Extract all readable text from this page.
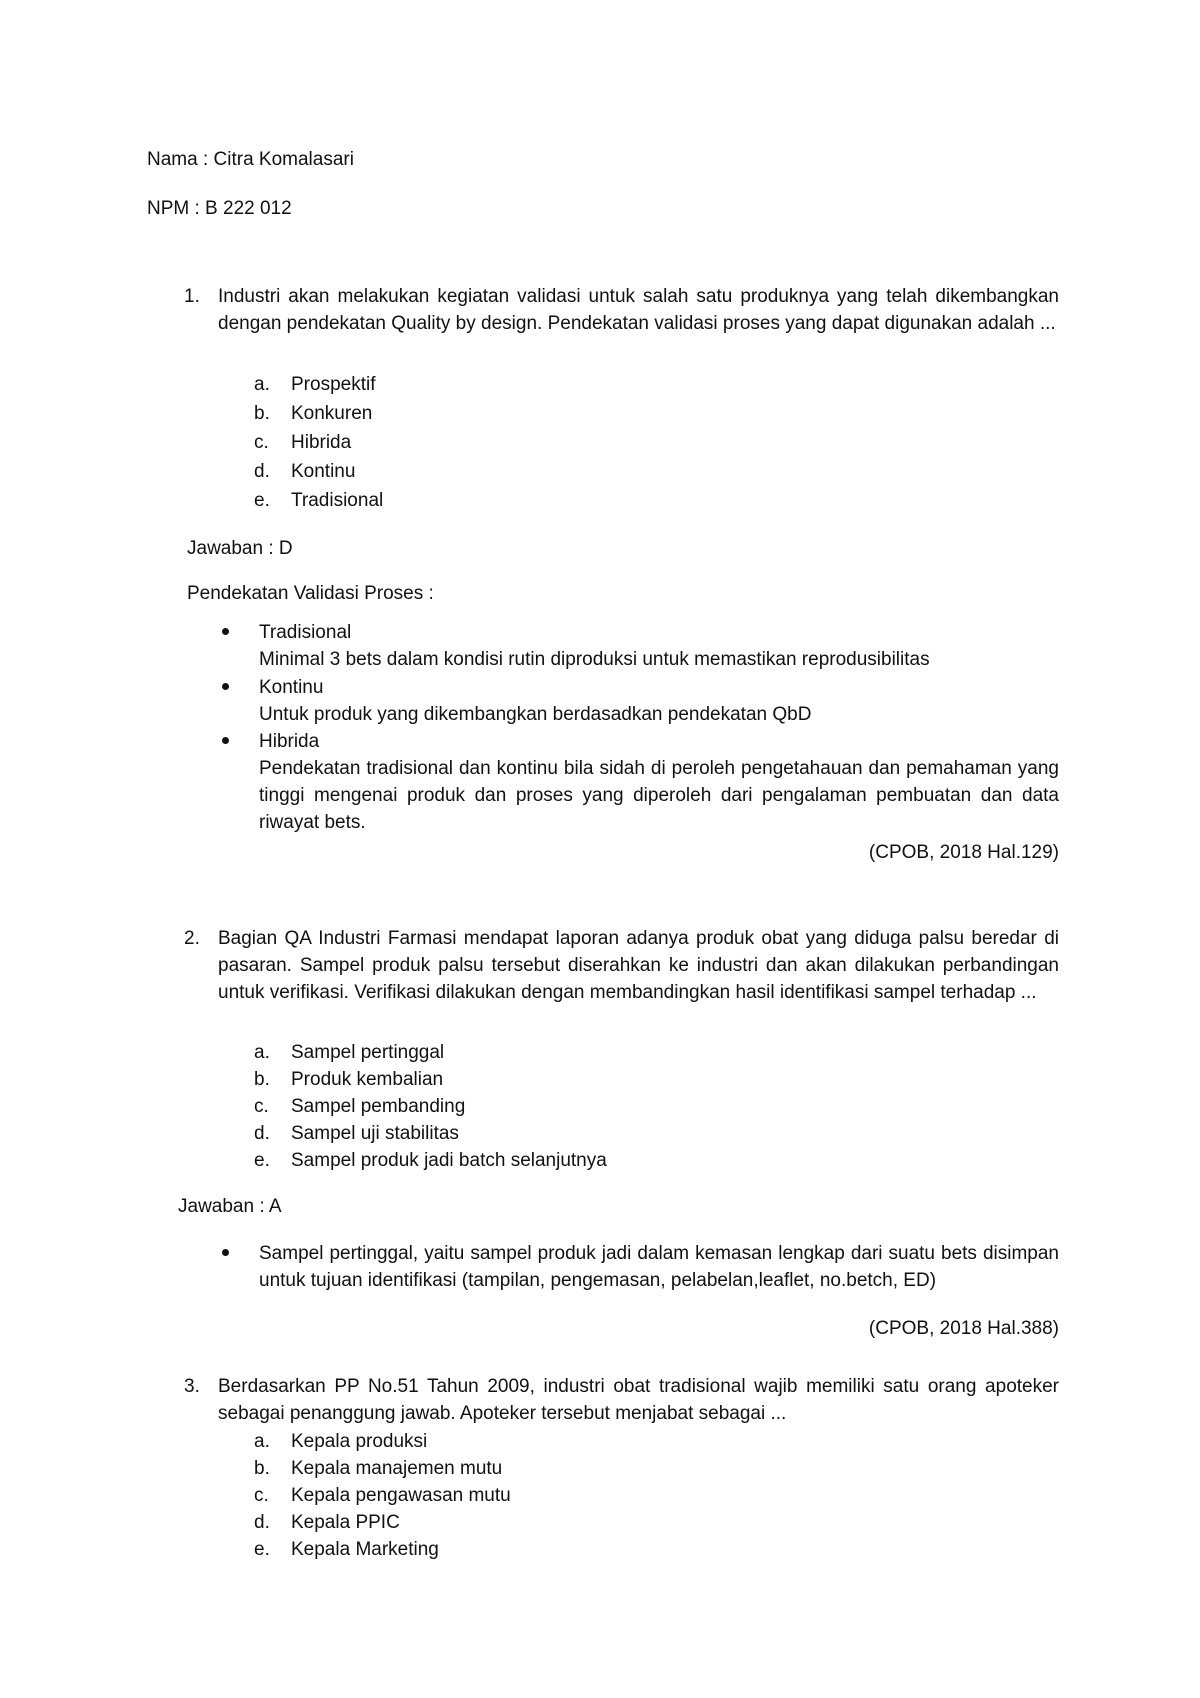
Nama : Citra Komalasari
NPM : B 222 012
1. Industri akan melakukan kegiatan validasi untuk salah satu produknya yang telah dikembangkan dengan pendekatan Quality by design. Pendekatan validasi proses yang dapat digunakan adalah ...
a. Prospektif
b. Konkuren
c. Hibrida
d. Kontinu
e. Tradisional
Jawaban : D
Pendekatan Validasi Proses :
Tradisional
Minimal 3 bets dalam kondisi rutin diproduksi untuk memastikan reprodusibilitas
Kontinu
Untuk produk yang dikembangkan berdasadkan pendekatan QbD
Hibrida
Pendekatan tradisional dan kontinu bila sidah di peroleh pengetahauan dan pemahaman yang tinggi mengenai produk dan proses yang diperoleh dari pengalaman pembuatan dan data riwayat bets.
(CPOB, 2018 Hal.129)
2. Bagian QA Industri Farmasi mendapat laporan adanya produk obat yang diduga palsu beredar di pasaran. Sampel produk palsu tersebut diserahkan ke industri dan akan dilakukan perbandingan untuk verifikasi. Verifikasi dilakukan dengan membandingkan hasil identifikasi sampel terhadap ...
a. Sampel pertinggal
b. Produk kembalian
c. Sampel pembanding
d. Sampel uji stabilitas
e. Sampel produk jadi batch selanjutnya
Jawaban : A
Sampel pertinggal, yaitu sampel produk jadi dalam kemasan lengkap dari suatu bets disimpan untuk tujuan identifikasi (tampilan, pengemasan, pelabelan,leaflet, no.betch, ED)
(CPOB, 2018 Hal.388)
3. Berdasarkan PP No.51 Tahun 2009, industri obat tradisional wajib memiliki satu orang apoteker sebagai penanggung jawab. Apoteker tersebut menjabat sebagai ...
a. Kepala produksi
b. Kepala manajemen mutu
c. Kepala pengawasan mutu
d. Kepala PPIC
e. Kepala Marketing
